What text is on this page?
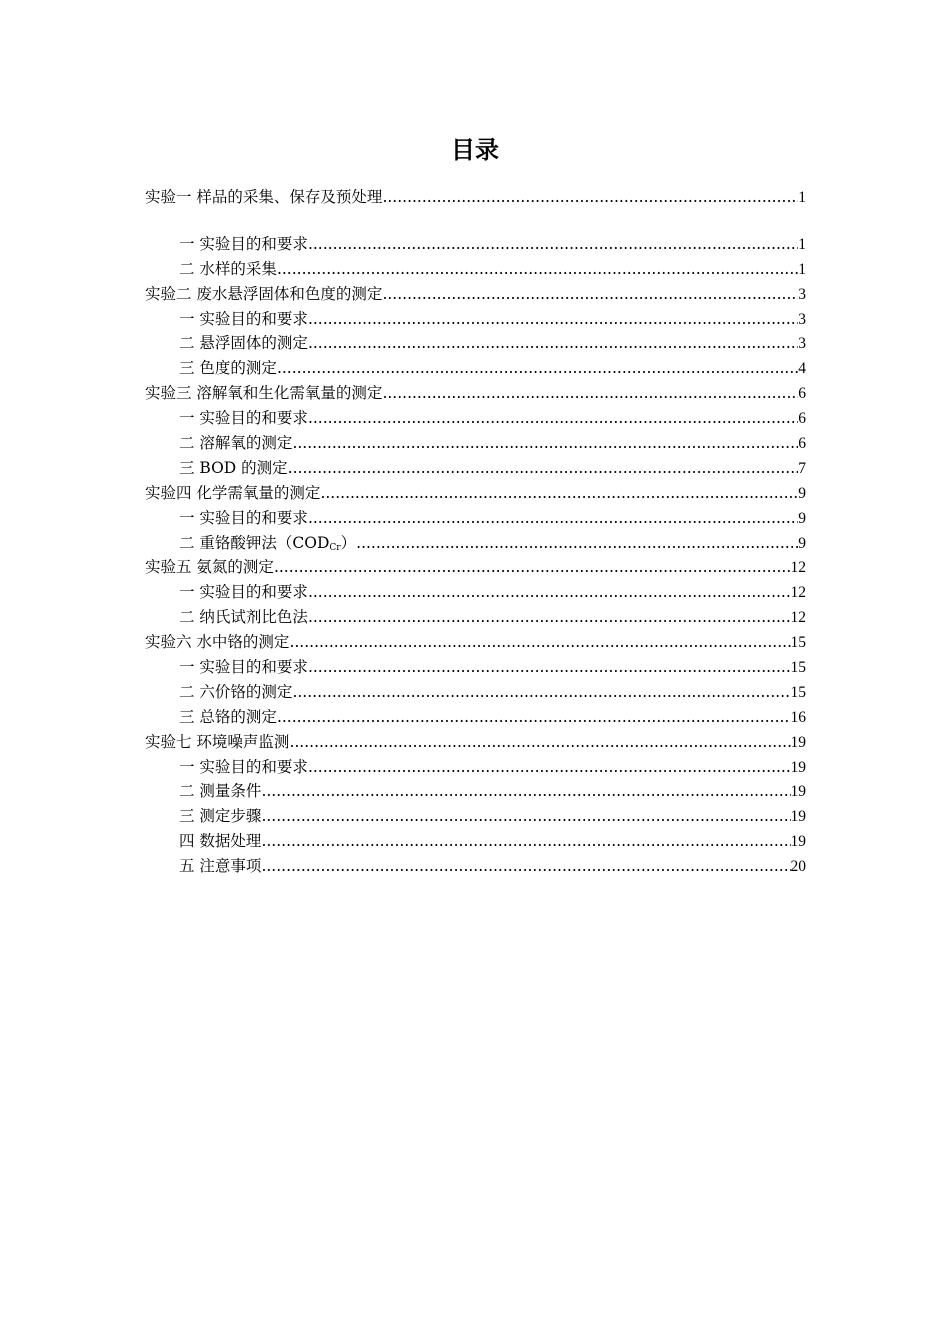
目录
实验一 样品的采集、保存及预处理 .....	1
一 实验目的和要求 .....	1
二 水样的采集 .....	1
实验二 废水悬浮固体和色度的测定 .....	3
一 实验目的和要求 .....	3
二 悬浮固体的测定 .....	3
三 色度的测定 .....	4
实验三 溶解氧和生化需氧量的测定 .....	6
一 实验目的和要求 .....	6
二 溶解氧的测定 .....	6
三 BOD 的测定 .....	7
实验四 化学需氧量的测定 .....	9
一 实验目的和要求 .....	9
二 重铬酸钾法$(COD_{Cr})$ .....	9
实验五 氨氮的测定 .....	12
一 实验目的和要求 .....	12
二 纳氏试剂比色法 .....	12
实验六 水中铬的测定 .....	15
一 实验目的和要求 .....	15
二 六价铬的测定 .....	15
三 总铬的测定 .....	16
实验七 环境噪声监测 .....	19
一 实验目的和要求 .....	19
二 测量条件 .....	19
三 测定步骤 .....	19
四 数据处理 .....	19
五 注意事项 .....	20
